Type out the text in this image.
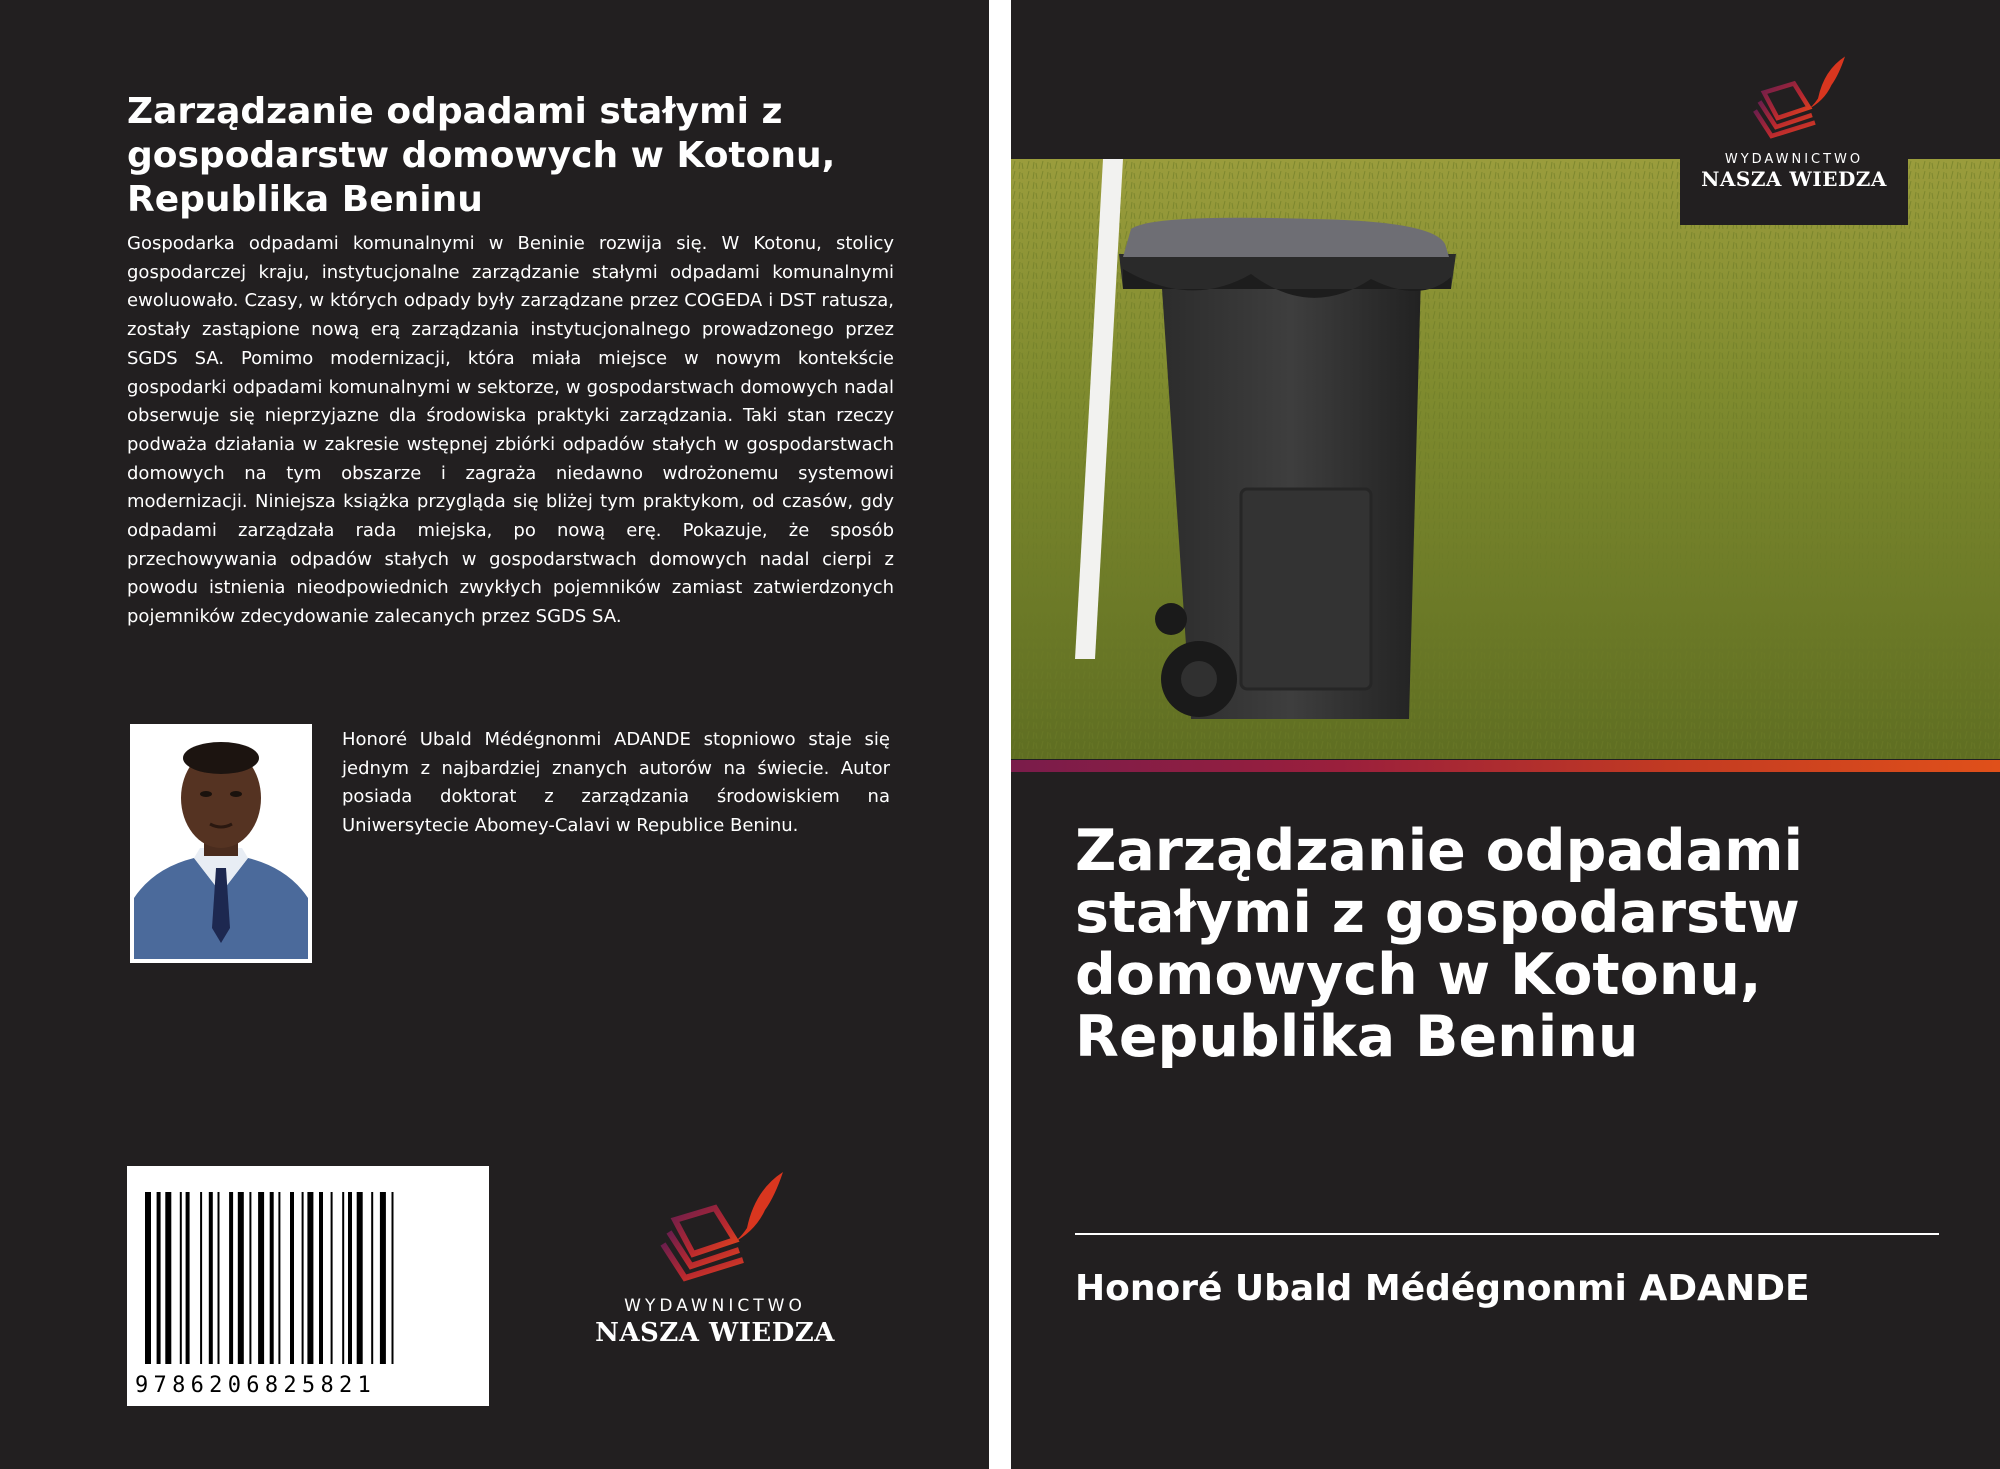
Zarządzanie odpadami stałymi z gospodarstw domowych w Kotonu, Republika Beninu

Gospodarka odpadami komunalnymi w Beninie rozwija się. W Kotonu, stolicy gospodarczej kraju, instytucjonalne zarządzanie stałymi odpadami komunalnymi ewoluowało. Czasy, w których odpady były zarządzane przez COGEDA i DST ratusza, zostały zastąpione nową erą zarządzania instytucjonalnego prowadzonego przez SGDS SA. Pomimo modernizacji, która miała miejsce w nowym kontekście gospodarki odpadami komunalnymi w sektorze, w gospodarstwach domowych nadal obserwuje się nieprzyjazne dla środowiska praktyki zarządzania. Taki stan rzeczy podważa działania w zakresie wstępnej zbiórki odpadów stałych w gospodarstwach domowych na tym obszarze i zagraża niedawno wdrożonemu systemowi modernizacji. Niniejsza książka przygląda się bliżej tym praktykom, od czasów, gdy odpadami zarządzała rada miejska, po nową erę. Pokazuje, że sposób przechowywania odpadów stałych w gospodarstwach domowych nadal cierpi z powodu istnienia nieodpowiednich zwykłych pojemników zamiast zatwierdzonych pojemników zdecydowanie zalecanych przez SGDS SA.

Honoré Ubald Médégnonmi ADANDE stopniowo staje się jednym z najbardziej znanych autorów na świecie. Autor posiada doktorat z zarządzania środowiskiem na Uniwersytecie Abomey-Calavi w Republice Beninu.

9786206825821
WYDAWNICTWO
NASZA WIEDZA
WYDAWNICTWO
NASZA WIEDZA
Zarządzanie odpadami stałymi z gospodarstw domowych w Kotonu, Republika Beninu

Honoré Ubald Médégnonmi ADANDE
